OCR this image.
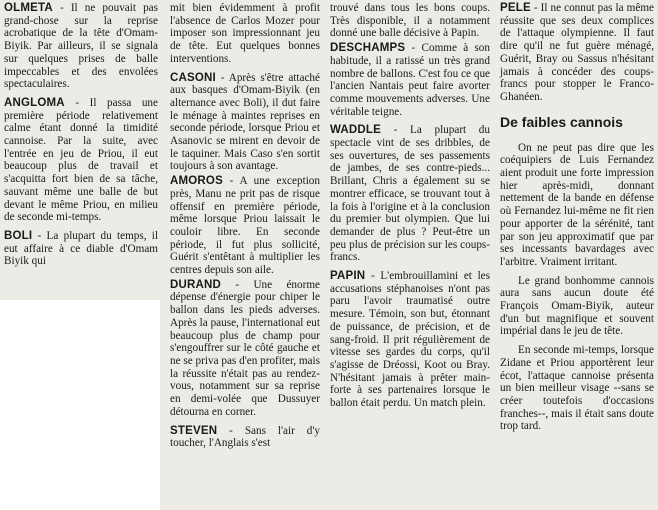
OLMETA - Il ne pouvait pas grand-chose sur la reprise acrobatique de la tête d'Omam-Biyik. Par ailleurs, il se signala sur quelques prises de balle impeccables et des envolées spectaculaires.

ANGLOMA - Il passa une première période relativement calme étant donné la timidité cannoise. Par la suite, avec l'entrée en jeu de Priou, il eut beaucoup plus de travail et s'acquitta fort bien de sa tâche, sauvant même une balle de but devant le même Priou, en milieu de seconde mi-temps.

BOLI - La plupart du temps, il eut affaire à ce diable d'Omam Biyik qui

mit bien évidemment à profit l'absence de Carlos Mozer pour imposer son impressionnant jeu de tête. Eut quelques bonnes interventions.

CASONI - Après s'être attaché aux basques d'Omam-Biyik (en alternance avec Boli), il dut faire le ménage à maintes reprises en seconde période, lorsque Priou et Asanovic se mirent en devoir de le taquiner. Mais Caso s'en sortit toujours à son avantage.

AMOROS - A une exception près, Manu ne prit pas de risque offensif en première période, même lorsque Priou laissait le couloir libre. En seconde période, il fut plus sollicité, Guérit s'entêtant à multiplier les centres depuis son aile.

DURAND - Une énorme dépense d'énergie pour chiper le ballon dans les pieds adverses. Après la pause, l'international eut beaucoup plus de champ pour s'engouffrer sur le côté gauche et ne se priva pas d'en profiter, mais la réussite n'était pas au rendez-vous, notamment sur sa reprise en demi-volée que Dussuyer détourna en corner.

STEVEN - Sans l'air d'y toucher, l'Anglais s'est

trouvé dans tous les bons coups. Très disponible, il a notamment donné une balle décisive à Papin.

DESCHAMPS - Comme à son habitude, il a ratissé un très grand nombre de ballons. C'est fou ce que l'ancien Nantais peut faire avorter comme mouvements adverses. Une véritable teigne.

WADDLE - La plupart du spectacle vint de ses dribbles, de ses ouvertures, de ses passements de jambes, de ses contre-pieds... Brillant, Chris a également su se montrer efficace, se trouvant tout à la fois à l'origine et à la conclusion du premier but olympien. Que lui demander de plus ? Peut-être un peu plus de précision sur les coups-francs.

PAPIN - L'embrouillamini et les accusations stéphanoises n'ont pas paru l'avoir traumatisé outre mesure. Témoin, son but, étonnant de puissance, de précision, et de sang-froid. Il prit régulièrement de vitesse ses gardes du corps, qu'il s'agisse de Dréossi, Koot ou Bray. N'hésitant jamais à prêter main-forte à ses partenaires lorsque le ballon était perdu. Un match plein.

PELE - Il ne connut pas la même réussite que ses deux complices de l'attaque olympienne. Il faut dire qu'il ne fut guère ménagé, Guérit, Bray ou Sassus n'hésitant jamais à concéder des coups-francs pour stopper le Franco-Ghanéen.

De faibles cannois

On ne peut pas dire que les coéquipiers de Luis Fernandez aient produit une forte impression hier après-midi, donnant nettement de la bande en défense où Fernandez lui-même ne fit rien pour apporter de la sérénité, tant par son jeu approximatif que par ses incessants bavardages avec l'arbitre. Vraiment irritant.

Le grand bonhomme cannois aura sans aucun doute été François Omam-Biyik, auteur d'un but magnifique et souvent impérial dans le jeu de tête.

En seconde mi-temps, lorsque Zidane et Priou apportèrent leur écot, l'attaque cannoise présenta un bien meilleur visage --sans se créer toutefois d'occasions franches--, mais il était sans doute trop tard.
